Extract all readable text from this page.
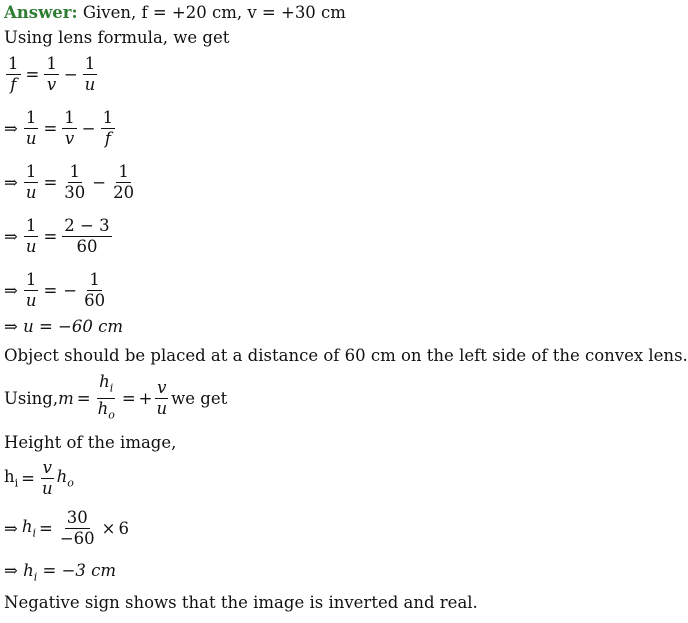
Answer: Given, f = +20 cm, v = +30 cm
Using lens formula, we get
$\frac{1}{f} = \frac{1}{v} - \frac{1}{u}$
⇒ $\frac{1}{u} = \frac{1}{v} - \frac{1}{f}$
⇒ $\frac{1}{u} = \frac{1}{30} - \frac{1}{20}$
⇒ $\frac{1}{u} = \frac{2 - 3}{60}$
⇒ $\frac{1}{u}$ = − $\frac{1}{60}$
⇒ u = −60 cm
Object should be placed at a distance of 60 cm on the left side of the convex lens.
Using, $m = \frac{h_i}{h_o}$ = + $\frac{v}{u}$ we get
Height of the image,
$h_i = \frac{v}{u} h_o$
⇒ $h_i = \frac{30}{-60} \times 6$
⇒ $h_i = -3$ cm
Negative sign shows that the image is inverted and real.
